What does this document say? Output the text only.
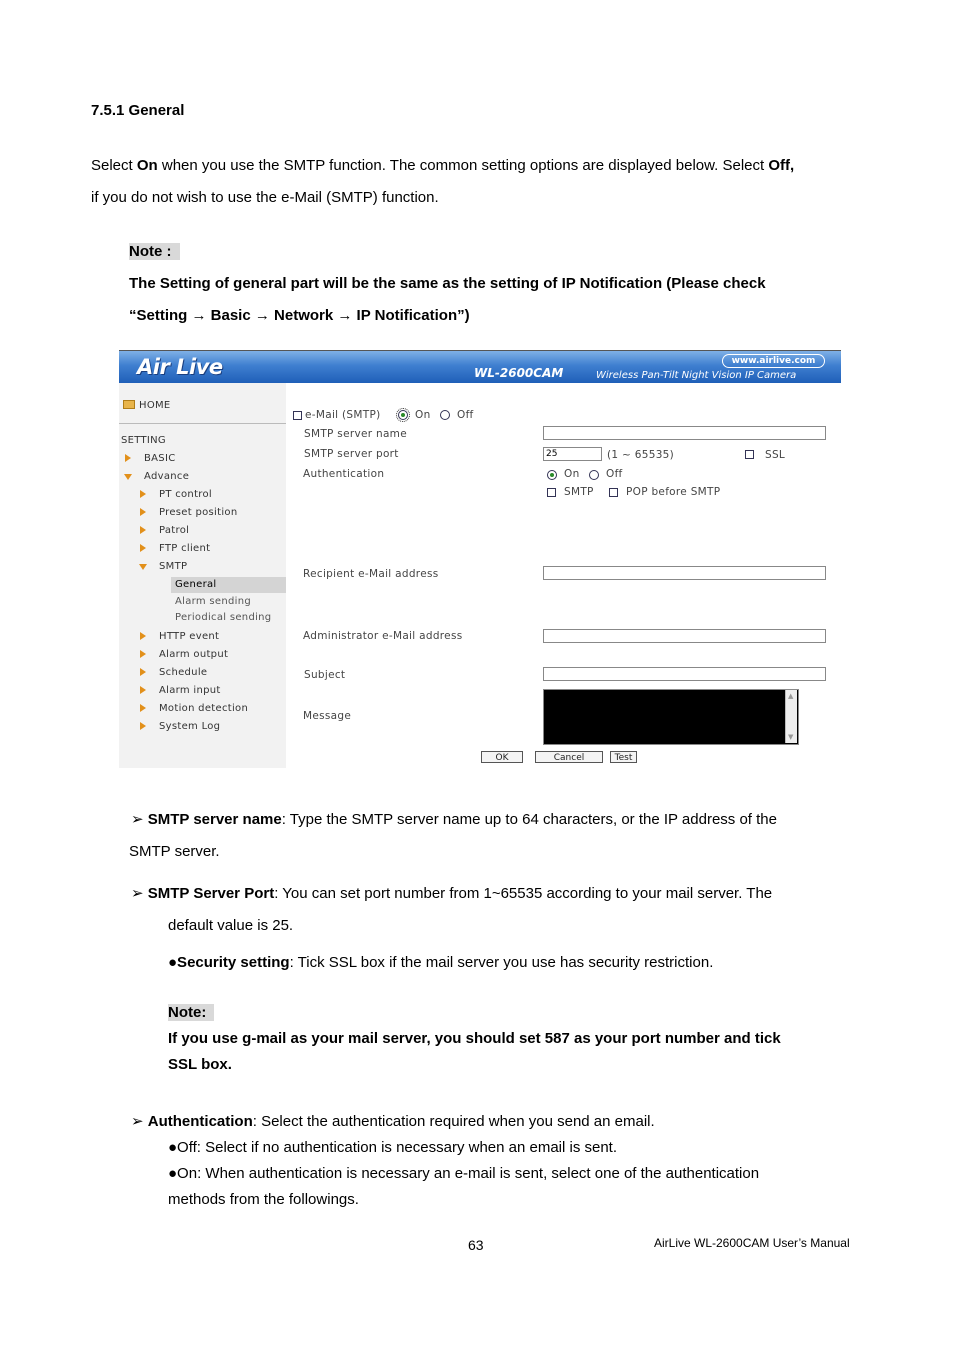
7.5.1 General
Select On when you use the SMTP function. The common setting options are displayed below. Select Off,
if you do not wish to use the e-Mail (SMTP) function.
Note :
The Setting of general part will be the same as the setting of IP Notification (Please check
“Setting → Basic → Network → IP Notification”)
Air Live	www.airlive.com
WL-2600CAM	Wireless Pan-Tilt Night Vision IP Camera
HOME
SETTING
BASIC
Advance
PT control
Preset position
Patrol
FTP client
SMTP
General
Alarm sending
Periodical sending
HTTP event
Alarm output
Schedule
Alarm input
Motion detection
System Log
e-Mail (SMTP)	On	Off
SMTP server name
SMTP server port	25	(1 ~ 65535)	SSL
Authentication	On	Off
SMTP	POP before SMTP
Recipient e-Mail address
Administrator e-Mail address
Subject
Message
▲
▼
OK	Cancel	Test
➢ SMTP server name: Type the SMTP server name up to 64 characters, or the IP address of the
SMTP server.
➢ SMTP Server Port: You can set port number from 1~65535 according to your mail server. The
default value is 25.
●Security setting: Tick SSL box if the mail server you use has security restriction.
Note:
If you use g-mail as your mail server, you should set 587 as your port number and tick
SSL box.
➢ Authentication: Select the authentication required when you send an email.
●Off: Select if no authentication is necessary when an email is sent.
●On: When authentication is necessary an e-mail is sent, select one of the authentication
methods from the followings.
63	AirLive WL-2600CAM User’s Manual
